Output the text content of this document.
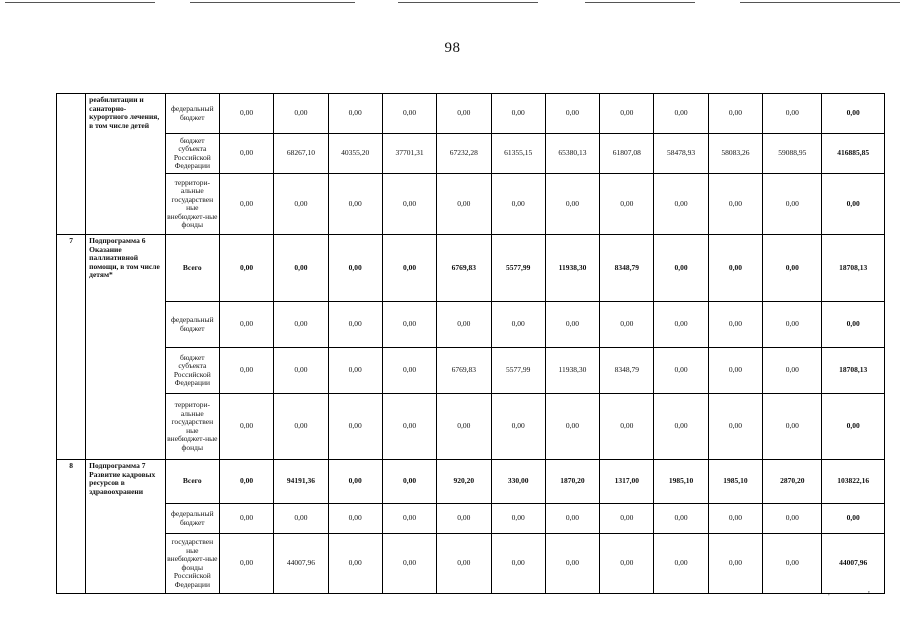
98
'	'
	реабилитации и санаторно-курортного лечения, в том числе детей	федеральный бюджет	0,00	0,00	0,00	0,00	0,00	0,00	0,00	0,00	0,00	0,00	0,00	0,00
		бюджет субъекта Российской Федерации	0,00	68267,10	40355,20	37701,31	67232,28	61355,15	65380,13	61807,08	58478,93	58083,26	59088,95	416885,85
		территори-альные государствен ные внебюджет-ные фонды	0,00	0,00	0,00	0,00	0,00	0,00	0,00	0,00	0,00	0,00	0,00	0,00
7	Подпрограмма 6 Оказание паллиативной помощи, в том числе детям*	Всего	0,00	0,00	0,00	0,00	6769,83	5577,99	11938,30	8348,79	0,00	0,00	0,00	18708,13
		федеральный бюджет	0,00	0,00	0,00	0,00	0,00	0,00	0,00	0,00	0,00	0,00	0,00	0,00
		бюджет субъекта Российской Федерации	0,00	0,00	0,00	0,00	6769,83	5577,99	11938,30	8348,79	0,00	0,00	0,00	18708,13
		территори-альные государствен ные внебюджет-ные фонды	0,00	0,00	0,00	0,00	0,00	0,00	0,00	0,00	0,00	0,00	0,00	0,00
8	Подпрограмма 7 Развитие кадровых ресурсов в здравоохранени	Всего	0,00	94191,36	0,00	0,00	920,20	330,00	1870,20	1317,00	1985,10	1985,10	2870,20	103822,16
		федеральный бюджет	0,00	0,00	0,00	0,00	0,00	0,00	0,00	0,00	0,00	0,00	0,00	0,00
		государствен ные внебюджет-ные фонды Российской Федерации	0,00	44007,96	0,00	0,00	0,00	0,00	0,00	0,00	0,00	0,00	0,00	44007,96
